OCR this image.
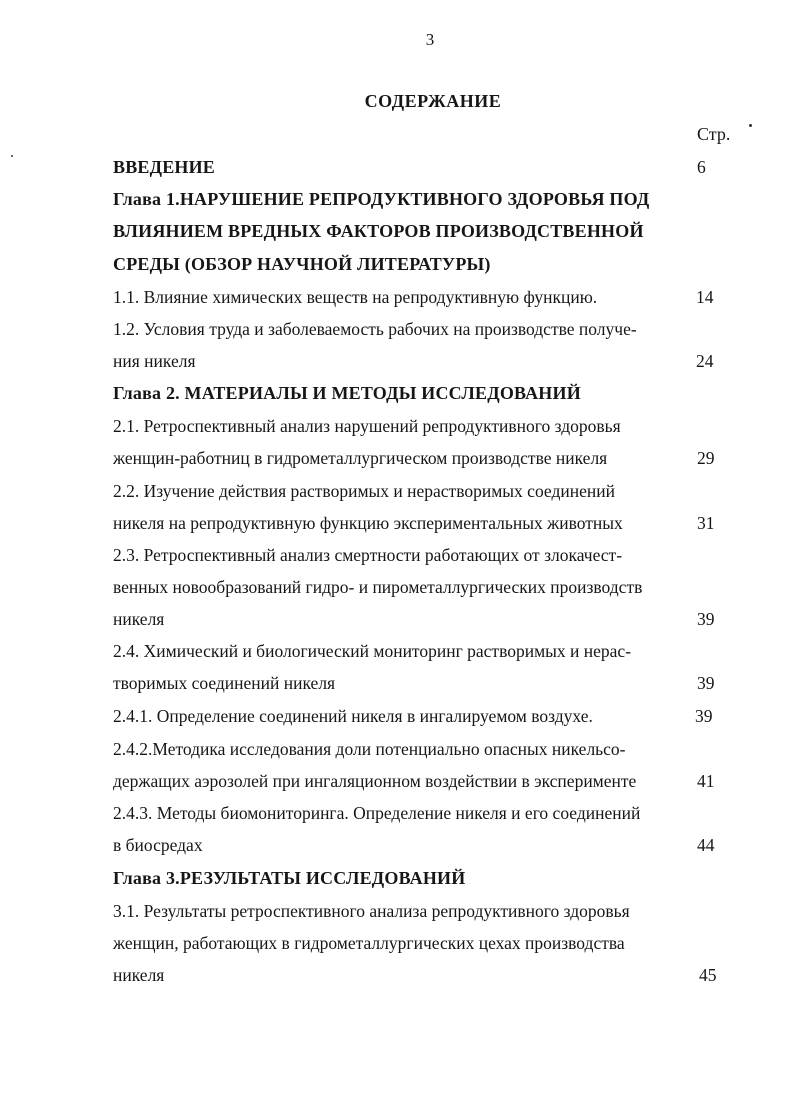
3
СОДЕРЖАНИЕ
Стр.
ВВЕДЕНИЕ	6
Глава 1.НАРУШЕНИЕ РЕПРОДУКТИВНОГО ЗДОРОВЬЯ ПОД
ВЛИЯНИЕМ ВРЕДНЫХ ФАКТОРОВ ПРОИЗВОДСТВЕННОЙ
СРЕДЫ (ОБЗОР НАУЧНОЙ ЛИТЕРАТУРЫ)
1.1. Влияние химических веществ на репродуктивную функцию.	14
1.2. Условия труда и заболеваемость рабочих на производстве получе-
ния никеля	24
Глава 2. МАТЕРИАЛЫ И МЕТОДЫ ИССЛЕДОВАНИЙ
2.1. Ретроспективный анализ нарушений репродуктивного здоровья
женщин-работниц в гидрометаллургическом производстве никеля	29
2.2. Изучение действия растворимых и нерастворимых соединений
никеля на репродуктивную функцию экспериментальных животных	31
2.3. Ретроспективный анализ смертности работающих от злокачест-
венных новообразований гидро- и пирометаллургических производств
никеля	39
2.4. Химический и биологический мониторинг растворимых и нерас-
творимых соединений никеля	39
2.4.1. Определение соединений никеля в ингалируемом воздухе.	39
2.4.2.Методика исследования доли потенциально опасных никельсо-
держащих аэрозолей при ингаляционном воздействии в эксперименте	41
2.4.3. Методы биомониторинга. Определение никеля и его соединений
в биосредах	44
Глава 3.РЕЗУЛЬТАТЫ ИССЛЕДОВАНИЙ
3.1. Результаты ретроспективного анализа репродуктивного здоровья
женщин, работающих в гидрометаллургических цехах производства
никеля	45
